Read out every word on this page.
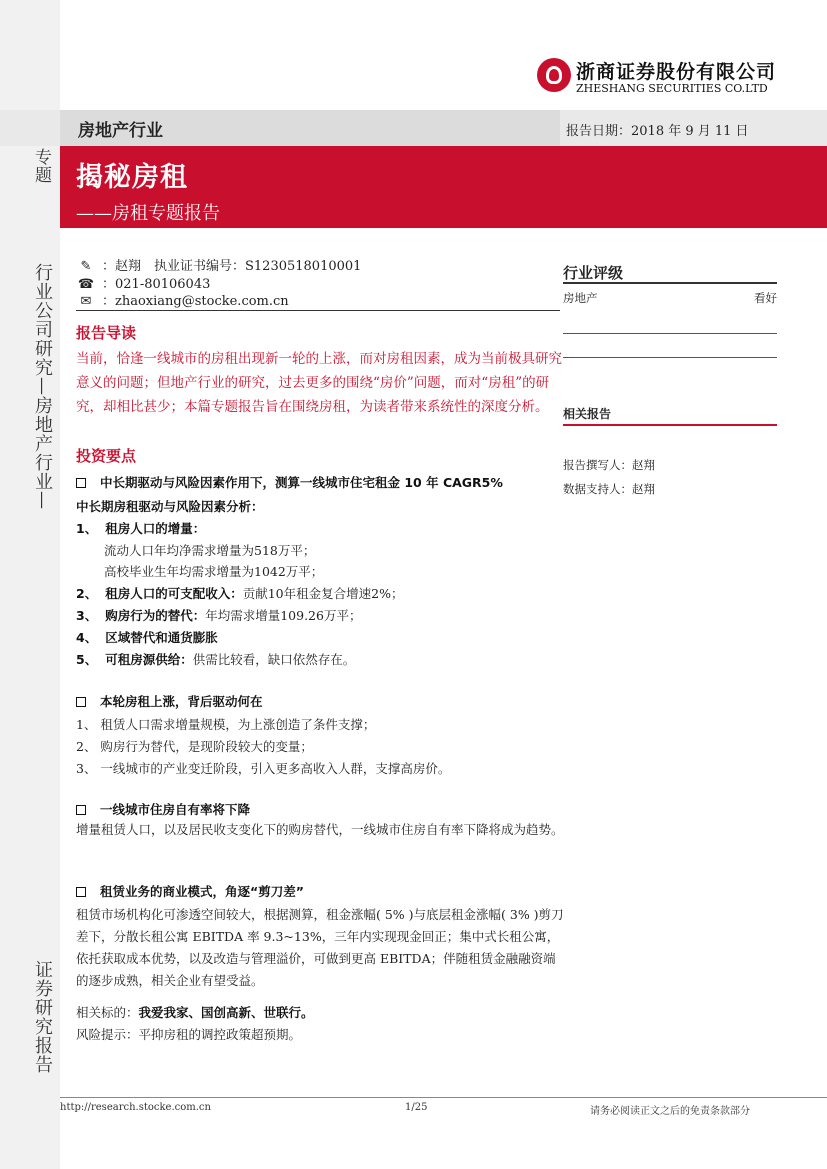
专题
行业公司研究—房地产行业—
证券研究报告
浙商证券股份有限公司
ZHESHANG SECURITIES CO.LTD
房地产行业	报告日期：2018 年 9 月 11 日
揭秘房租
——房租专题报告
✎ ：赵翔　执业证书编号：S1230518010001
☎ ：021-80106043
✉ ：zhaoxiang@stocke.com.cn
报告导读
当前，恰逢一线城市的房租出现新一轮的上涨，而对房租因素，成为当前极具研究意义的问题；但地产行业的研究，过去更多的围绕“房价”问题，而对“房租”的研究，却相比甚少；本篇专题报告旨在围绕房租，为读者带来系统性的深度分析。
投资要点
中长期驱动与风险因素作用下，测算一线城市住宅租金 10 年 CAGR5%
中长期房租驱动与风险因素分析：
1、 租房人口的增量：
流动人口年均净需求增量为518万平；
高校毕业生年均需求增量为1042万平；
2、 租房人口的可支配收入：贡献10年租金复合增速2%；
3、 购房行为的替代：年均需求增量109.26万平；
4、 区域替代和通货膨胀
5、 可租房源供给：供需比较看，缺口依然存在。
本轮房租上涨，背后驱动何在
1、 租赁人口需求增量规模，为上涨创造了条件支撑；
2、 购房行为替代，是现阶段较大的变量；
3、 一线城市的产业变迁阶段，引入更多高收入人群，支撑高房价。
一线城市住房自有率将下降
增量租赁人口，以及居民收支变化下的购房替代，一线城市住房自有率下降将成为趋势。
租赁业务的商业模式，角逐“剪刀差”
租赁市场机构化可渗透空间较大，根据测算，租金涨幅( 5% )与底层租金涨幅( 3% )剪刀差下，分散长租公寓 EBITDA 率 9.3~13%，三年内实现现金回正；集中式长租公寓，依托获取成本优势，以及改造与管理溢价，可做到更高 EBITDA；伴随租赁金融融资端的逐步成熟，相关企业有望受益。
相关标的：我爱我家、国创高新、世联行。
风险提示：平抑房租的调控政策超预期。
行业评级
房地产	看好
相关报告
报告撰写人：赵翔
数据支持人：赵翔
http://research.stocke.com.cn	1/25	请务必阅读正文之后的免责条款部分
